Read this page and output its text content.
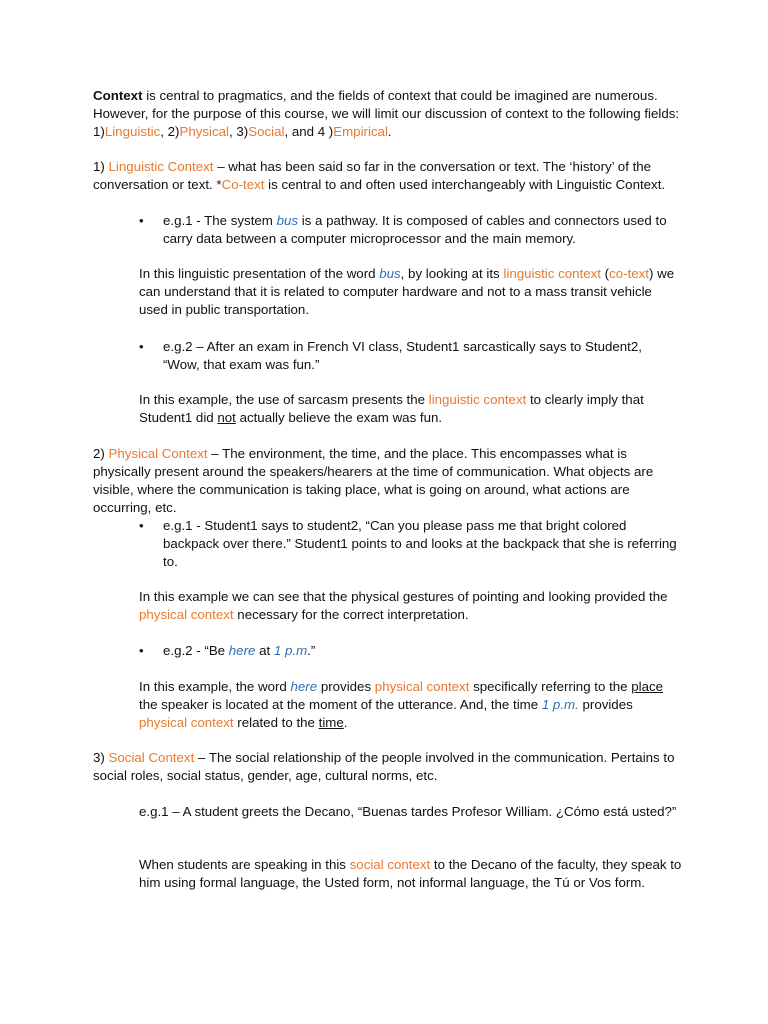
Context is central to pragmatics, and the fields of context that could be imagined are numerous. However, for the purpose of this course, we will limit our discussion of context to the following fields: 1)Linguistic, 2)Physical, 3)Social, and 4 )Empirical.

1) Linguistic Context – what has been said so far in the conversation or text. The ‘history’ of the conversation or text. *Co-text is central to and often used interchangeably with Linguistic Context.

• e.g.1 - The system bus is a pathway. It is composed of cables and connectors used to carry data between a computer microprocessor and the main memory.

In this linguistic presentation of the word bus, by looking at its linguistic context (co-text) we can understand that it is related to computer hardware and not to a mass transit vehicle used in public transportation.

• e.g.2 – After an exam in French VI class, Student1 sarcastically says to Student2, “Wow, that exam was fun.”

In this example, the use of sarcasm presents the linguistic context to clearly imply that Student1 did not actually believe the exam was fun.

2) Physical Context – The environment, the time, and the place. This encompasses what is physically present around the speakers/hearers at the time of communication. What objects are visible, where the communication is taking place, what is going on around, what actions are occurring, etc.

• e.g.1 - Student1 says to student2, “Can you please pass me that bright colored backpack over there.” Student1 points to and looks at the backpack that she is referring to.

In this example we can see that the physical gestures of pointing and looking provided the physical context necessary for the correct interpretation.

• e.g.2 - “Be here at 1 p.m.”

In this example, the word here provides physical context specifically referring to the place the speaker is located at the moment of the utterance. And, the time 1 p.m. provides physical context related to the time.

3) Social Context – The social relationship of the people involved in the communication. Pertains to social roles, social status, gender, age, cultural norms, etc.

e.g.1 – A student greets the Decano, “Buenas tardes Profesor William. ¿Cómo está usted?”

When students are speaking in this social context to the Decano of the faculty, they speak to him using formal language, the Usted form, not informal language, the Tú or Vos form.
